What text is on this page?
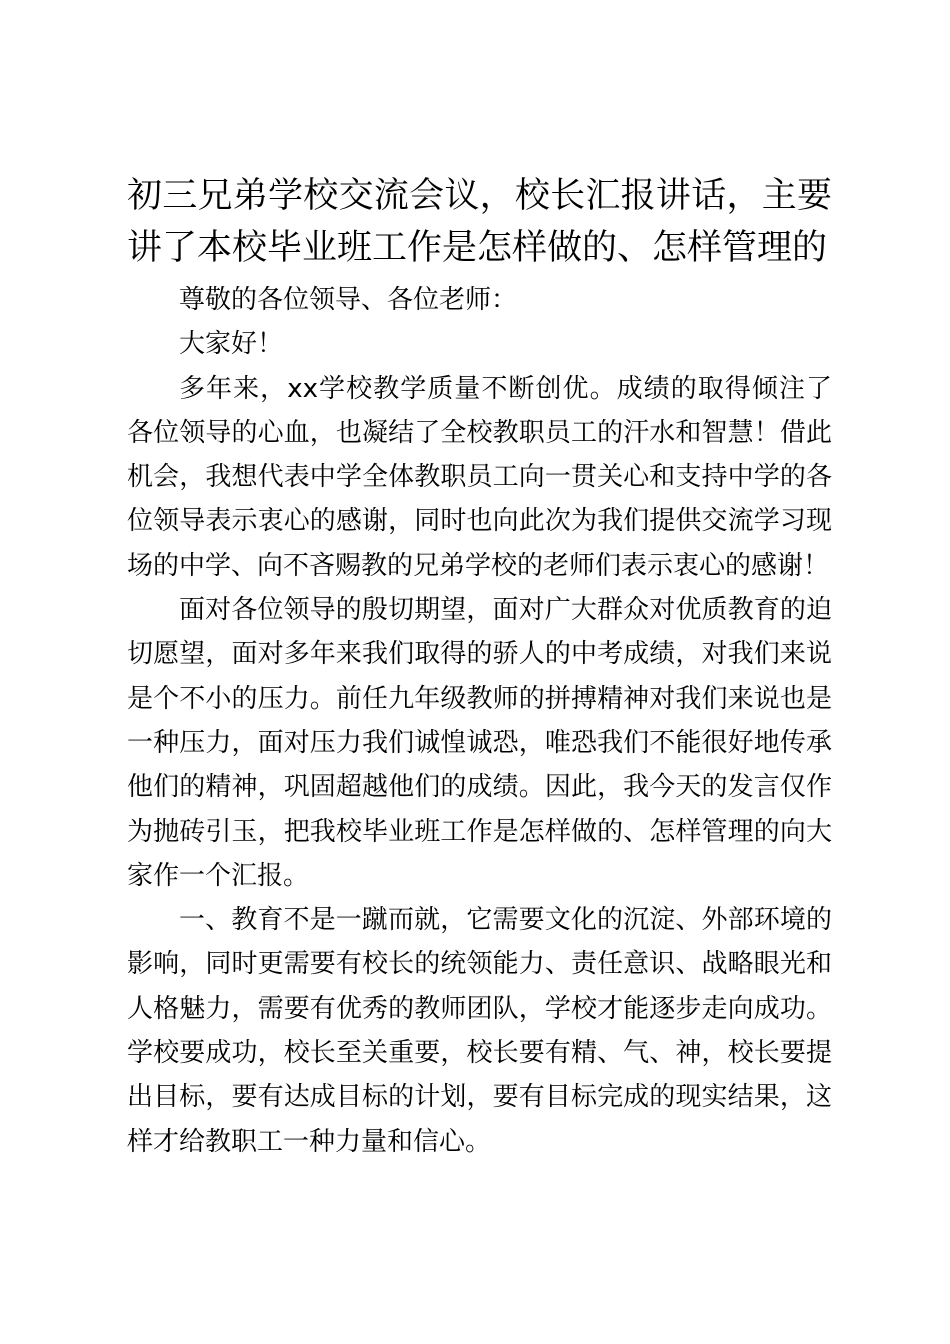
初三兄弟学校交流会议，校长汇报讲话，主要讲了本校毕业班工作是怎样做的、怎样管理的

尊敬的各位领导、各位老师：

大家好！

多年来，xx学校教学质量不断创优。成绩的取得倾注了各位领导的心血，也凝结了全校教职员工的汗水和智慧！借此机会，我想代表中学全体教职员工向一贯关心和支持中学的各位领导表示衷心的感谢，同时也向此次为我们提供交流学习现场的中学、向不吝赐教的兄弟学校的老师们表示衷心的感谢！

面对各位领导的殷切期望，面对广大群众对优质教育的迫切愿望，面对多年来我们取得的骄人的中考成绩，对我们来说是个不小的压力。前任九年级教师的拼搏精神对我们来说也是一种压力，面对压力我们诚惶诚恐，唯恐我们不能很好地传承他们的精神，巩固超越他们的成绩。因此，我今天的发言仅作为抛砖引玉，把我校毕业班工作是怎样做的、怎样管理的向大家作一个汇报。

一、教育不是一蹴而就，它需要文化的沉淀、外部环境的影响，同时更需要有校长的统领能力、责任意识、战略眼光和人格魅力，需要有优秀的教师团队，学校才能逐步走向成功。学校要成功，校长至关重要，校长要有精、气、神，校长要提出目标，要有达成目标的计划，要有目标完成的现实结果，这样才给教职工一种力量和信心。
